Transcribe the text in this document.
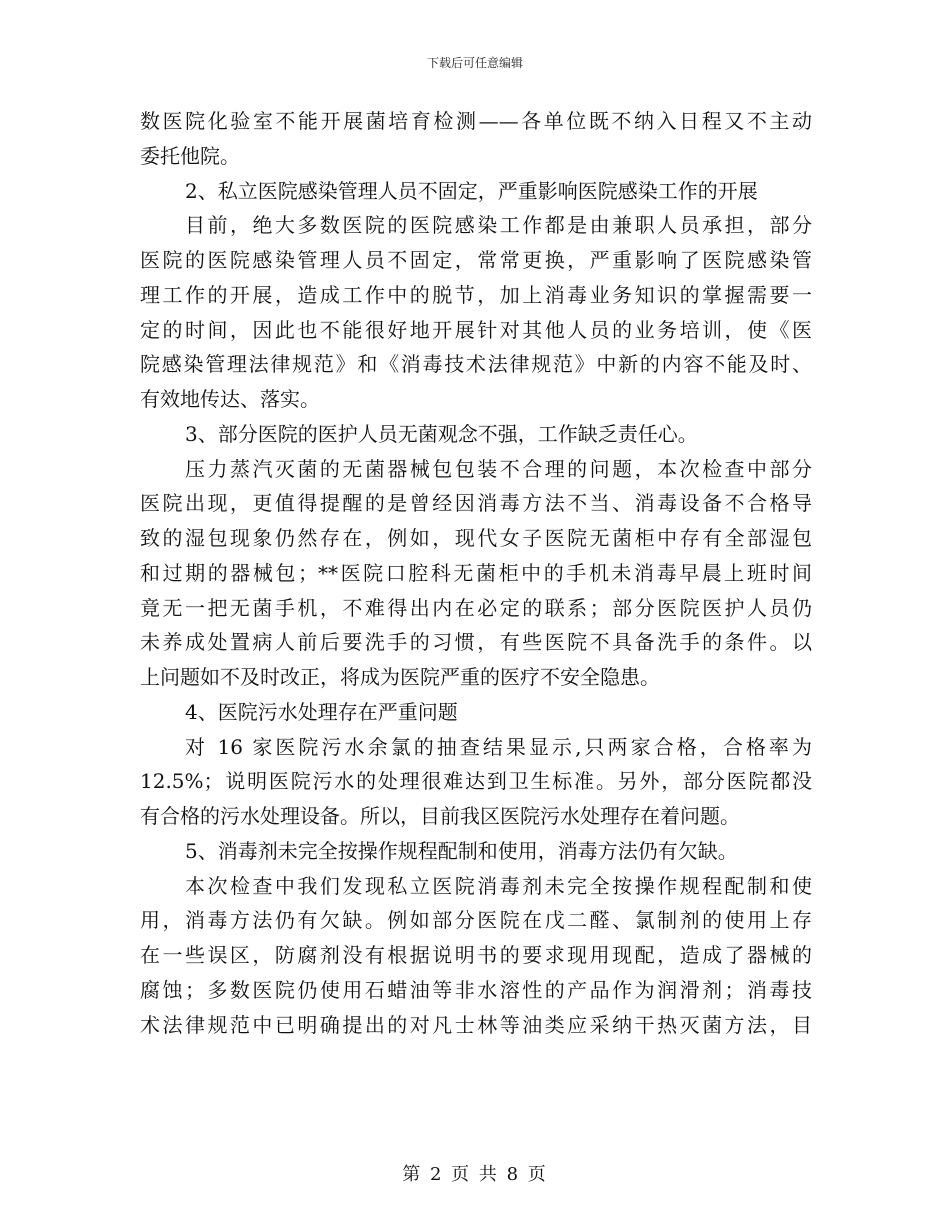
下载后可任意编辑
数医院化验室不能开展菌培育检测——各单位既不纳入日程又不主动
委托他院。
2、私立医院感染管理人员不固定，严重影响医院感染工作的开展
目前，绝大多数医院的医院感染工作都是由兼职人员承担，部分
医院的医院感染管理人员不固定，常常更换，严重影响了医院感染管
理工作的开展，造成工作中的脱节，加上消毒业务知识的掌握需要一
定的时间，因此也不能很好地开展针对其他人员的业务培训，使《医
院感染管理法律规范》和《消毒技术法律规范》中新的内容不能及时、
有效地传达、落实。
3、部分医院的医护人员无菌观念不强，工作缺乏责任心。
压力蒸汽灭菌的无菌器械包包装不合理的问题，本次检查中部分
医院出现，更值得提醒的是曾经因消毒方法不当、消毒设备不合格导
致的湿包现象仍然存在，例如，现代女子医院无菌柜中存有全部湿包
和过期的器械包；**医院口腔科无菌柜中的手机未消毒早晨上班时间
竟无一把无菌手机，不难得出内在必定的联系；部分医院医护人员仍
未养成处置病人前后要洗手的习惯，有些医院不具备洗手的条件。以
上问题如不及时改正，将成为医院严重的医疗不安全隐患。
4、医院污水处理存在严重问题
对 16 家医院污水余氯的抽查结果显示,只两家合格，合格率为
12.5%；说明医院污水的处理很难达到卫生标准。另外，部分医院都没
有合格的污水处理设备。所以，目前我区医院污水处理存在着问题。
5、消毒剂未完全按操作规程配制和使用，消毒方法仍有欠缺。
本次检查中我们发现私立医院消毒剂未完全按操作规程配制和使
用，消毒方法仍有欠缺。例如部分医院在戊二醛、氯制剂的使用上存
在一些误区，防腐剂没有根据说明书的要求现用现配，造成了器械的
腐蚀；多数医院仍使用石蜡油等非水溶性的产品作为润滑剂；消毒技
术法律规范中已明确提出的对凡士林等油类应采纳干热灭菌方法，目
第 2 页 共 8 页
